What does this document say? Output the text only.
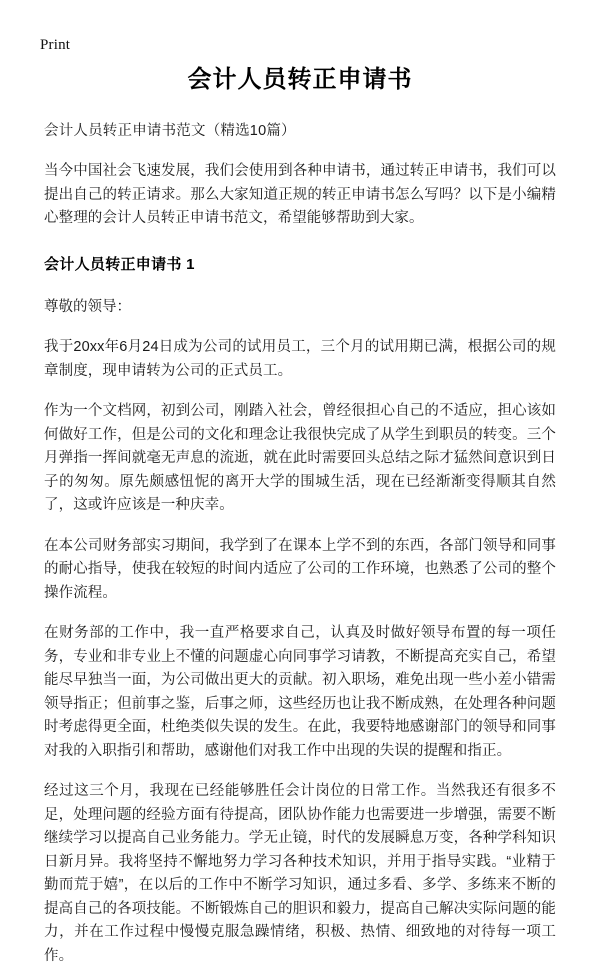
Print
会计人员转正申请书

会计人员转正申请书范文（精选10篇）

当今中国社会飞速发展，我们会使用到各种申请书，通过转正申请书，我们可以提出自己的转正请求。那么大家知道正规的转正申请书怎么写吗？以下是小编精心整理的会计人员转正申请书范文，希望能够帮助到大家。

会计人员转正申请书 1

尊敬的领导：

我于20xx年6月24日成为公司的试用员工，三个月的试用期已满，根据公司的规章制度，现申请转为公司的正式员工。

作为一个文档网，初到公司，刚踏入社会，曾经很担心自己的不适应，担心该如何做好工作，但是公司的文化和理念让我很快完成了从学生到职员的转变。三个月弹指一挥间就毫无声息的流逝，就在此时需要回头总结之际才猛然间意识到日子的匆匆。原先颇感忸怩的离开大学的围城生活，现在已经渐渐变得顺其自然了，这或许应该是一种庆幸。

在本公司财务部实习期间，我学到了在课本上学不到的东西，各部门领导和同事的耐心指导，使我在较短的时间内适应了公司的工作环境，也熟悉了公司的整个操作流程。

在财务部的工作中，我一直严格要求自己，认真及时做好领导布置的每一项任务，专业和非专业上不懂的问题虚心向同事学习请教，不断提高充实自己，希望能尽早独当一面，为公司做出更大的贡献。初入职场，难免出现一些小差小错需领导指正；但前事之鉴，后事之师，这些经历也让我不断成熟，在处理各种问题时考虑得更全面，杜绝类似失误的发生。在此，我要特地感谢部门的领导和同事对我的入职指引和帮助，感谢他们对我工作中出现的失误的提醒和指正。

经过这三个月，我现在已经能够胜任会计岗位的日常工作。当然我还有很多不足，处理问题的经验方面有待提高，团队协作能力也需要进一步增强，需要不断继续学习以提高自己业务能力。学无止镜，时代的发展瞬息万变，各种学科知识日新月异。我将坚持不懈地努力学习各种技术知识，并用于指导实践。“业精于勤而荒于嬉”，在以后的工作中不断学习知识，通过多看、多学、多练来不断的提高自己的各项技能。不断锻炼自己的胆识和毅力，提高自己解决实际问题的能力，并在工作过程中慢慢克服急躁情绪，积极、热情、细致地的对待每一项工作。
